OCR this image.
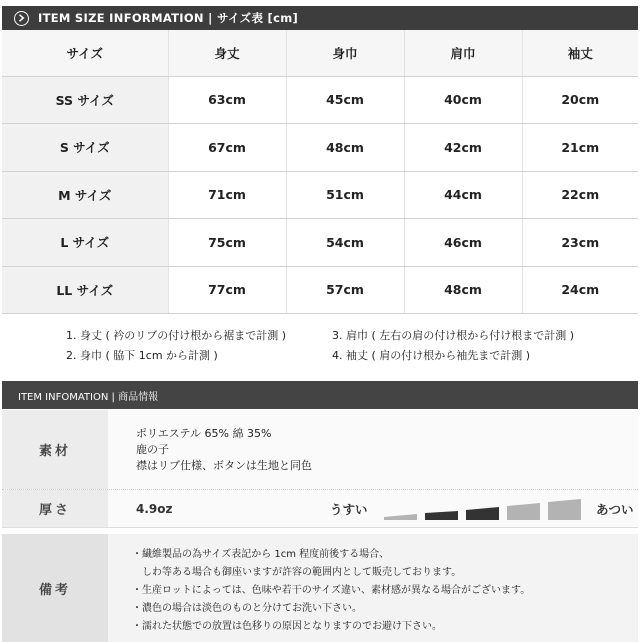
ITEM SIZE INFORMATION | サイズ表 [cm]
サイズ	身丈	身巾	肩巾	袖丈
SS サイズ	63cm	45cm	40cm	20cm
S サイズ	67cm	48cm	42cm	21cm
M サイズ	71cm	51cm	44cm	22cm
L サイズ	75cm	54cm	46cm	23cm
LL サイズ	77cm	57cm	48cm	24cm
1. 身丈 ( 衿のリブの付け根から裾まで計測 )	3. 肩巾 ( 左右の肩の付け根から付け根まで計測 )
2. 身巾 ( 脇下 1cm から計測 )	4. 袖丈 ( 肩の付け根から袖先まで計測 )
ITEM INFOMATION | 商品情報
素材
ポリエステル 65% 綿 35%
鹿の子
襟はリブ仕様、ボタンは生地と同色
厚さ	4.9oz	うすい	あつい
備考
・繊維製品の為サイズ表記から 1cm 程度前後する場合、
　しわ等ある場合も御座いますが許容の範囲内として販売しております。
・生産ロットによっては、色味や若干のサイズ違い、素材感が異なる場合がございます。
・濃色の場合は淡色のものと分けてお洗い下さい。
・濡れた状態での放置は色移りの原因となりますのでお避け下さい。
